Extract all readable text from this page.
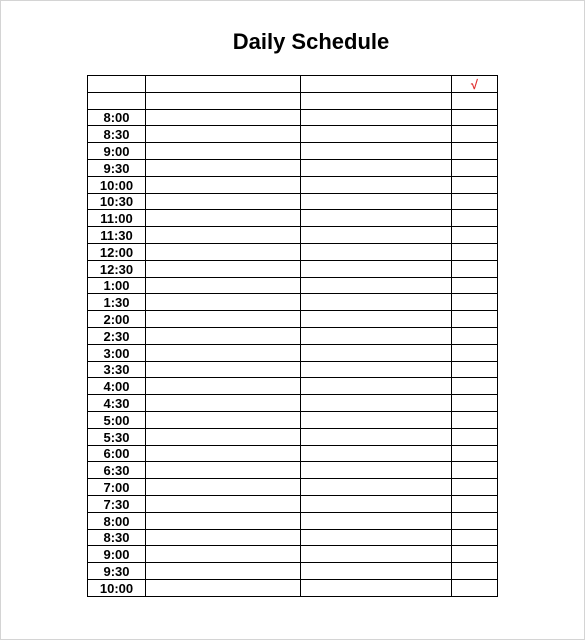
Daily Schedule
			√

8:00			
8:30			
9:00			
9:30			
10:00			
10:30			
11:00			
11:30			
12:00			
12:30			
1:00			
1:30			
2:00			
2:30			
3:00			
3:30			
4:00			
4:30			
5:00			
5:30			
6:00			
6:30			
7:00			
7:30			
8:00			
8:30			
9:00			
9:30			
10:00			
